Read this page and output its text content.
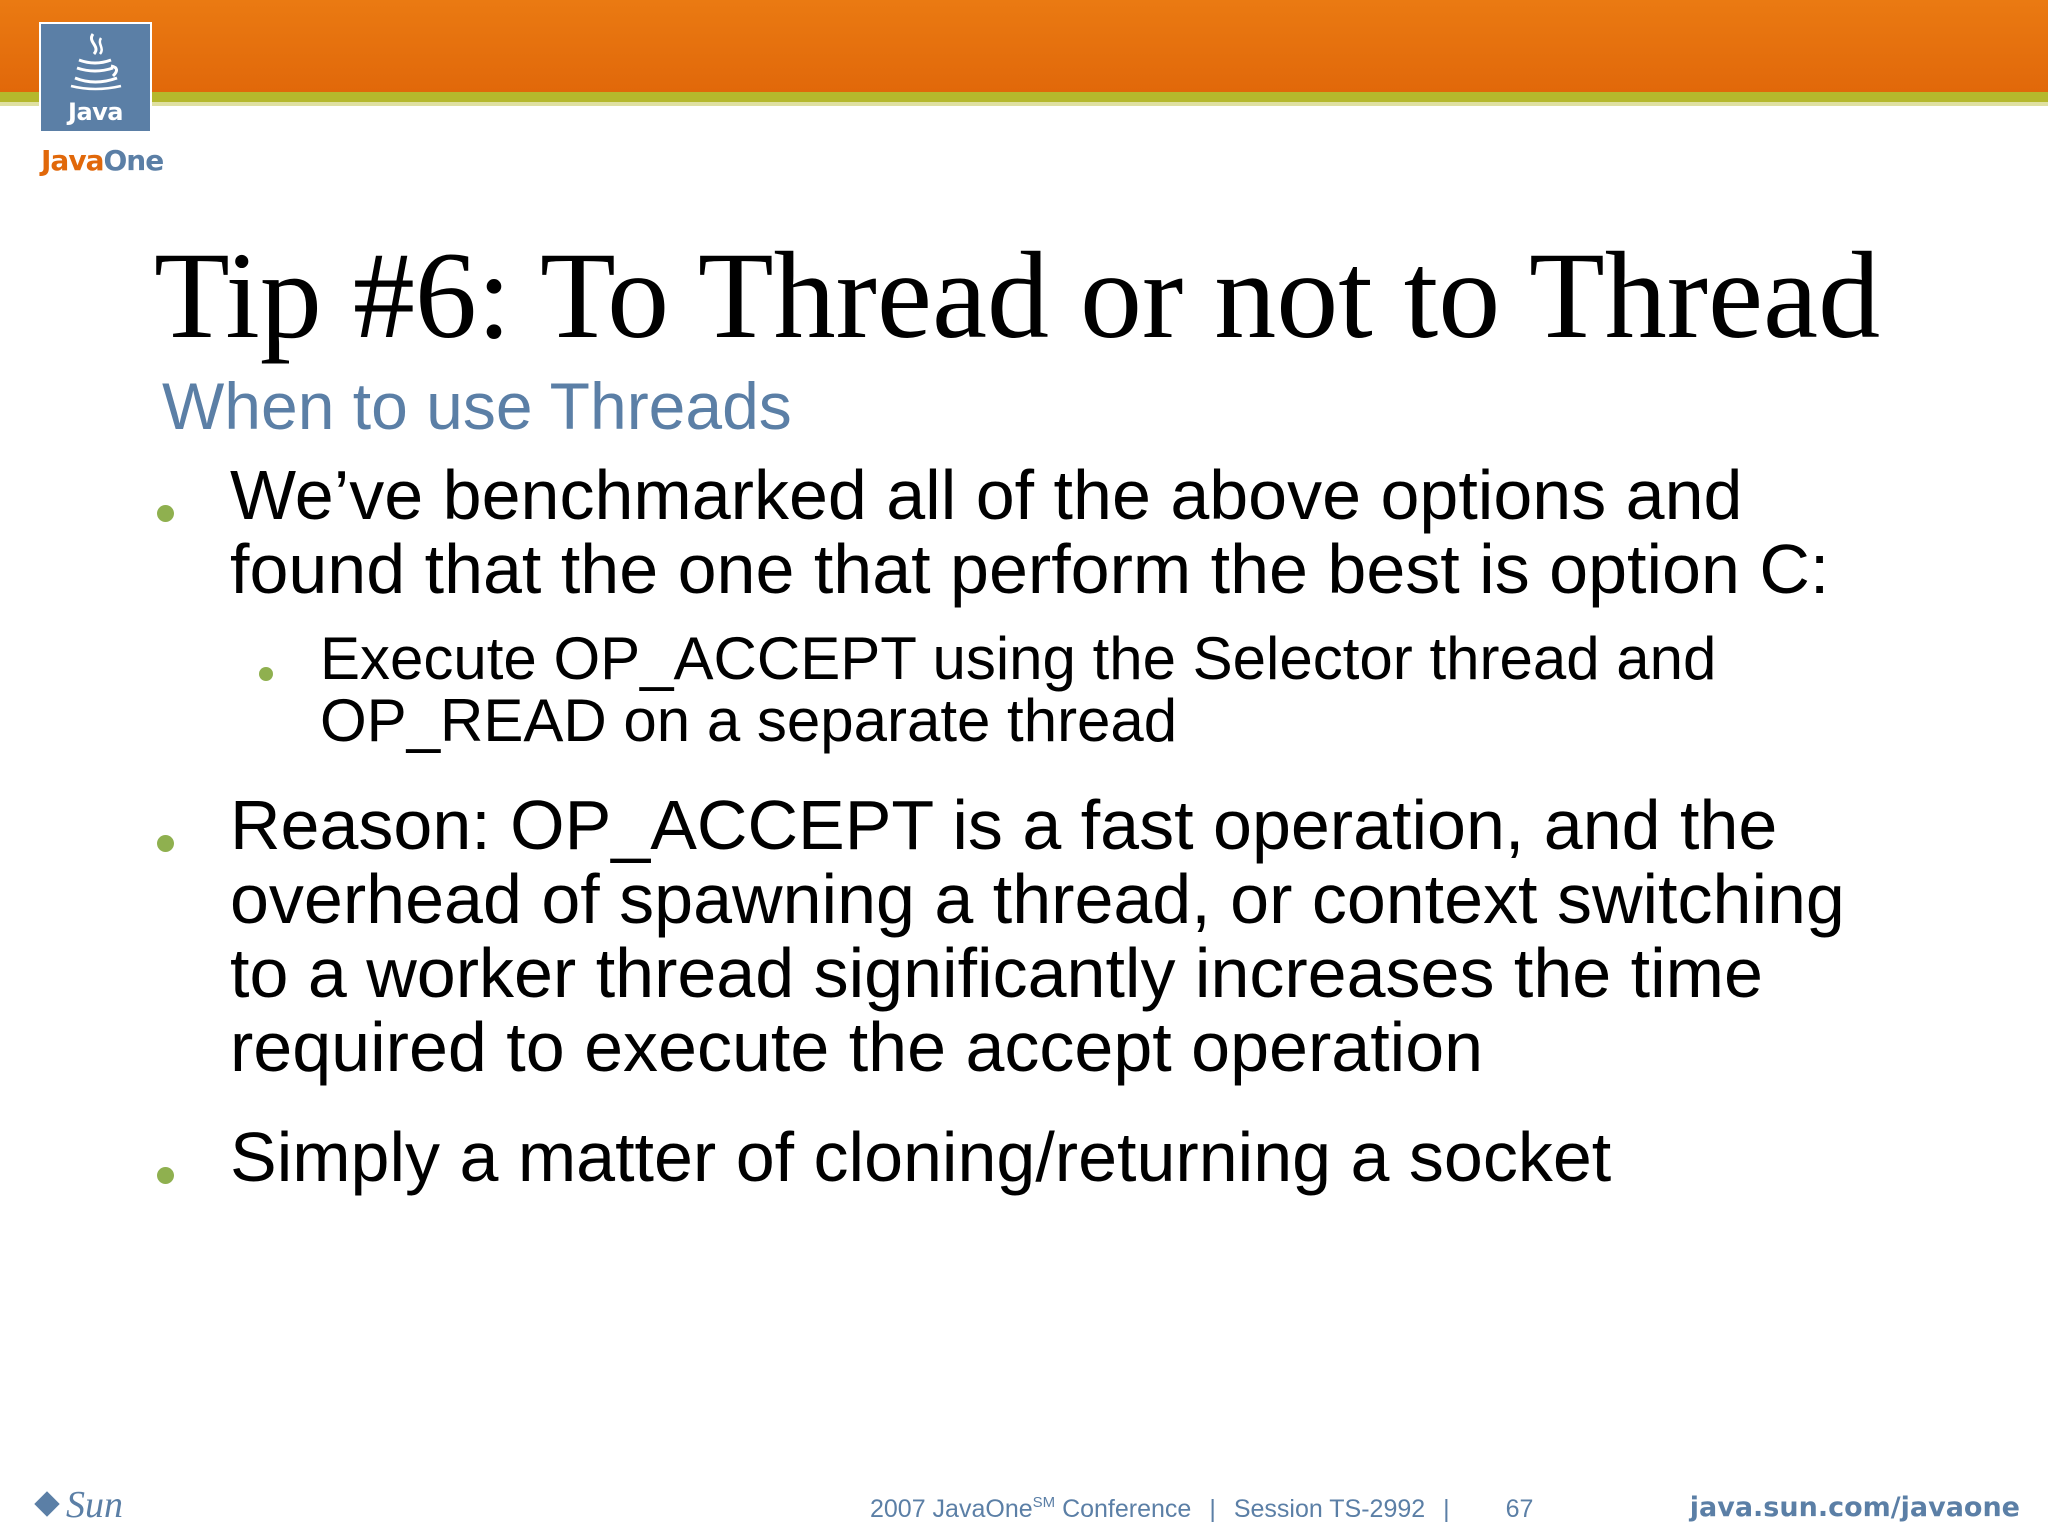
Java
JavaOne
Tip #6: To Thread or not to Thread
When to use Threads
We’ve benchmarked all of the above options and
found that the one that perform the best is option C:
Execute OP_ACCEPT using the Selector thread and
OP_READ on a separate thread
Reason: OP_ACCEPT is a fast operation, and the
overhead of spawning a thread, or context switching
to a worker thread significantly increases the time
required to execute the accept operation
Simply a matter of cloning/returning a socket
Sun	2007 JavaOne℠ Conference | Session TS-2992 | 67	java.sun.com/javaone
